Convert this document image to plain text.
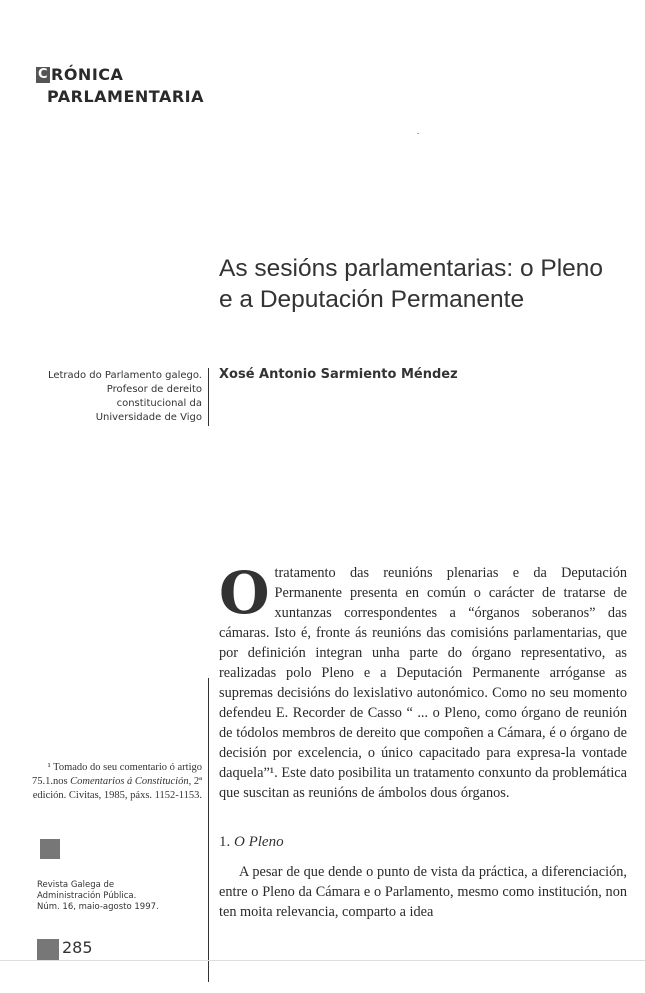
C RÓNICA
PARLAMENTARIA
As sesións parlamentarias: o Pleno
e a Deputación Permanente
Letrado do Parlamento galego.
Profesor de dereito
constitucional da
Universidade de Vigo
Xosé Antonio Sarmiento Méndez
Otratamento das reunións plenarias e da Deputación Permanente presenta en común o carácter de tratarse de xuntanzas correspondentes a “órganos soberanos” das cámaras. Isto é, fronte ás reunións das comisións parlamentarias, que por definición integran unha parte do órgano representativo, as realizadas polo Pleno e a Deputación Permanente arróganse as supremas decisións do lexislativo autonómico. Como no seu momento defendeu E. Recorder de Casso “ ... o Pleno, como órgano de reunión de tódolos membros de dereito que compoñen a Cámara, é o órgano de decisión por excelencia, o único capacitado para expresa-la vontade daquela”¹. Este dato posibilita un tratamento conxunto da problemática que suscitan as reunións de ámbolos dous órganos.
1. O Pleno
A pesar de que dende o punto de vista da práctica, a diferenciación, entre o Pleno da Cámara e o Parlamento, mesmo como institución, non ten moita relevancia, comparto a idea
¹ Tomado do seu comentario ó artigo 75.1.nos Comentarios á Constitución, 2ª edición. Civitas, 1985, páxs. 1152-1153.
Revista Galega de
Administración Pública.
Núm. 16, maio-agosto 1997.
285
